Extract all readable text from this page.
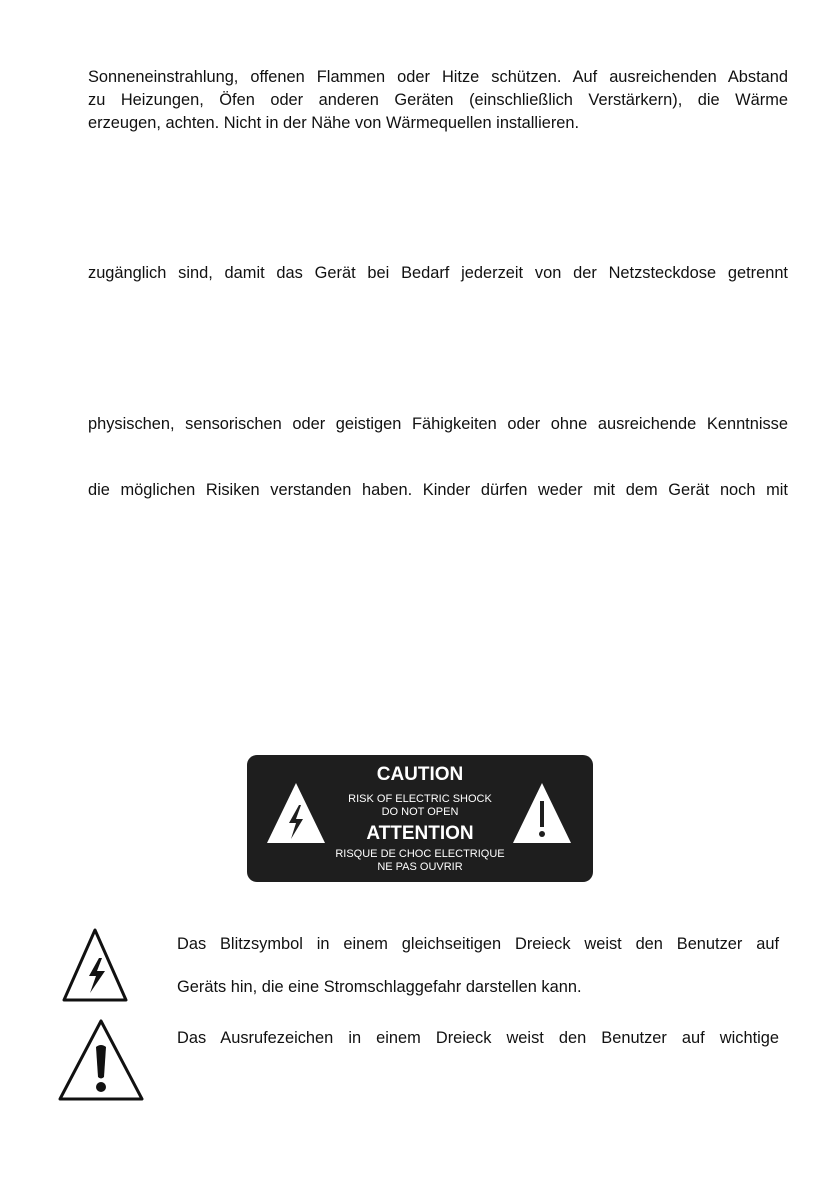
Sonneneinstrahlung, offenen Flammen oder Hitze schützen. Auf ausreichenden Abstand
zu Heizungen, Öfen oder anderen Geräten (einschließlich Verstärkern), die Wärme
erzeugen, achten. Nicht in der Nähe von Wärmequellen installieren.
zugänglich sind, damit das Gerät bei Bedarf jederzeit von der Netzsteckdose getrennt
physischen, sensorischen oder geistigen Fähigkeiten oder ohne ausreichende Kenntnisse
die möglichen Risiken verstanden haben. Kinder dürfen weder mit dem Gerät noch mit
CAUTION
RISK OF ELECTRIC SHOCK
DO NOT OPEN
ATTENTION
RISQUE DE CHOC ELECTRIQUE
NE PAS OUVRIR
Das Blitzsymbol in einem gleichseitigen Dreieck weist den Benutzer auf
Geräts hin, die eine Stromschlaggefahr darstellen kann.
Das Ausrufezeichen in einem Dreieck weist den Benutzer auf wichtige
